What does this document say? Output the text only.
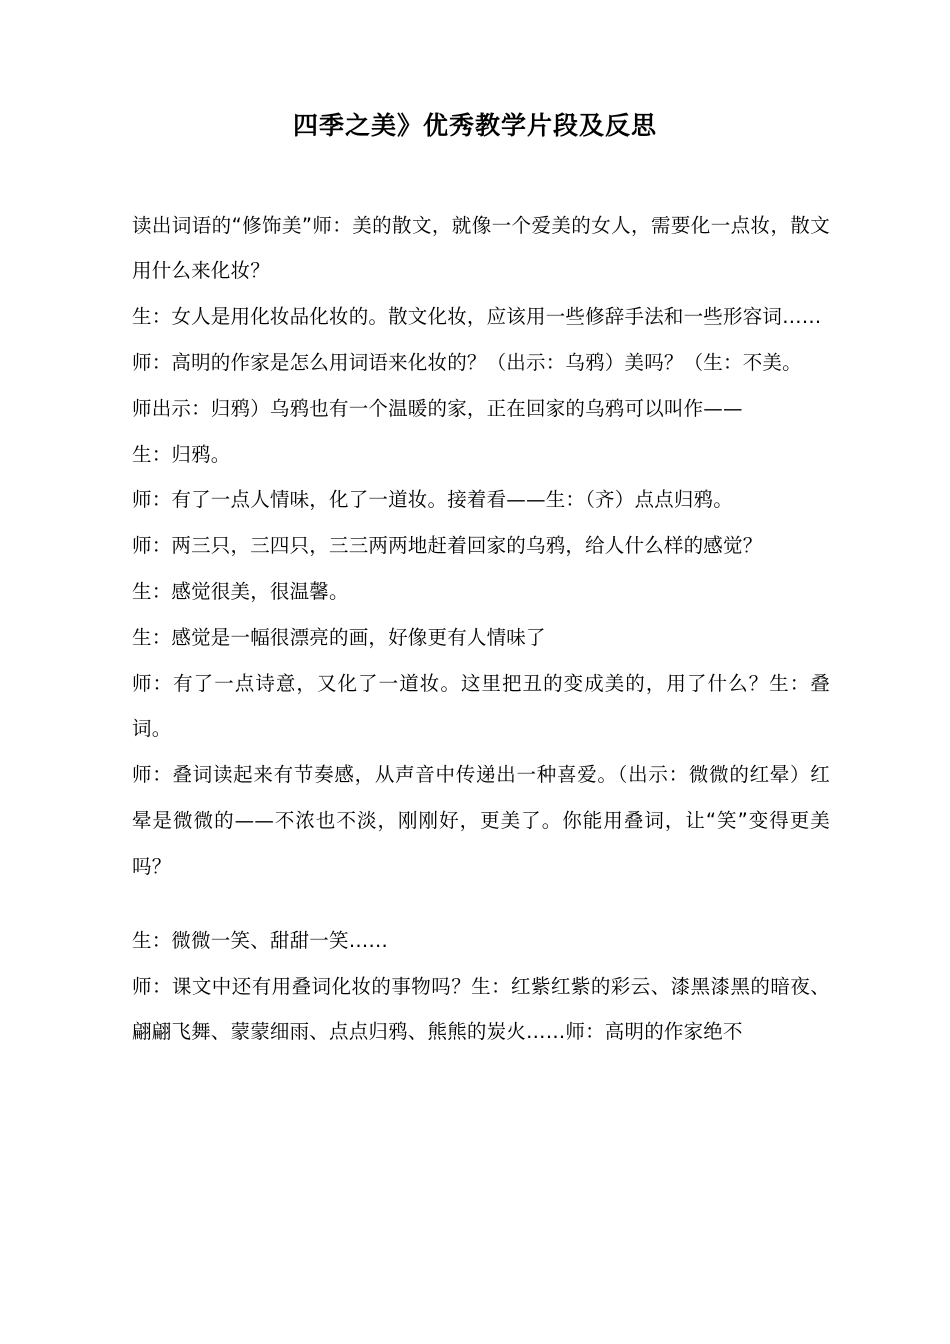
四季之美》优秀教学片段及反思

读出词语的“修饰美”师：美的散文，就像一个爱美的女人，需要化一点妆，散文用什么来化妆？

生：女人是用化妆品化妆的。散文化妆，应该用一些修辞手法和一些形容词……

师：高明的作家是怎么用词语来化妆的？（出示：乌鸦）美吗？（生：不美。

师出示：归鸦）乌鸦也有一个温暖的家，正在回家的乌鸦可以叫作——

生：归鸦。

师：有了一点人情味，化了一道妆。接着看——生：（齐）点点归鸦。

师：两三只，三四只，三三两两地赶着回家的乌鸦，给人什么样的感觉？

生：感觉很美，很温馨。

生：感觉是一幅很漂亮的画，好像更有人情味了

师：有了一点诗意，又化了一道妆。这里把丑的变成美的，用了什么？生：叠词。

师：叠词读起来有节奏感，从声音中传递出一种喜爱。（出示：微微的红晕）红晕是微微的——不浓也不淡，刚刚好，更美了。你能用叠词，让“笑”变得更美吗？

生：微微一笑、甜甜一笑……

师：课文中还有用叠词化妆的事物吗？生：红紫红紫的彩云、漆黑漆黑的暗夜、翩翩飞舞、蒙蒙细雨、点点归鸦、熊熊的炭火……师：高明的作家绝不
